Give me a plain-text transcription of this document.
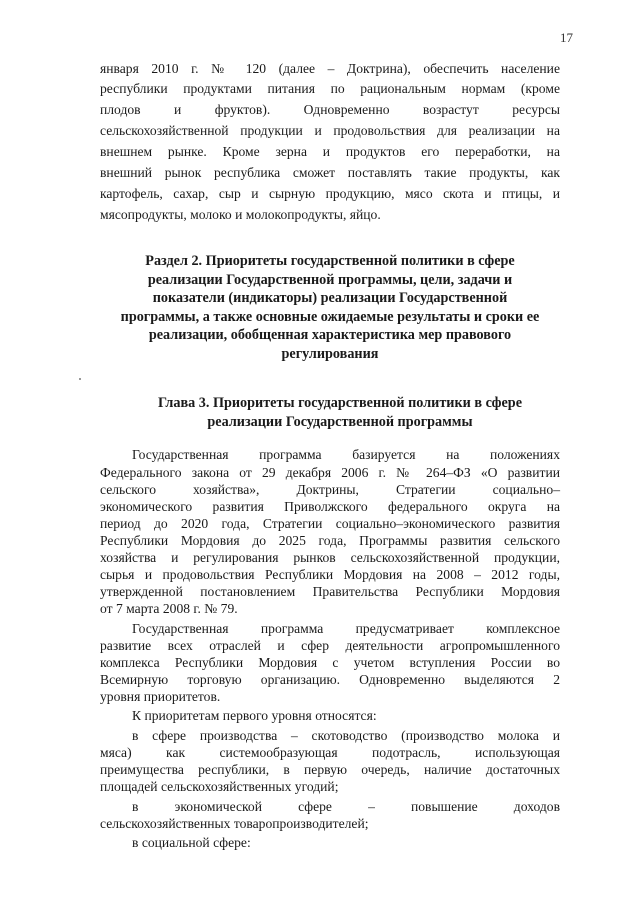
17
января 2010 г. № 120 (далее – Доктрина), обеспечить население
республики продуктами питания по рациональным нормам (кроме
плодов и фруктов). Одновременно возрастут ресурсы
сельскохозяйственной продукции и продовольствия для реализации на
внешнем рынке. Кроме зерна и продуктов его переработки, на
внешний рынок республика сможет поставлять такие продукты, как
картофель, сахар, сыр и сырную продукцию, мясо скота и птицы, и
мясопродукты, молоко и молокопродукты, яйцо.
Раздел 2. Приоритеты государственной политики в сфере
реализации Государственной программы, цели, задачи и
показатели (индикаторы) реализации Государственной
программы, а также основные ожидаемые результаты и сроки ее
реализации, обобщенная характеристика мер правового
регулирования
Глава 3. Приоритеты государственной политики в сфере
реализации Государственной программы
Государственная программа базируется на положениях
Федерального закона от 29 декабря 2006 г. № 264–ФЗ «О развитии
сельского хозяйства», Доктрины, Стратегии социально–
экономического развития Приволжского федерального округа на
период до 2020 года, Стратегии социально–экономического развития
Республики Мордовия до 2025 года, Программы развития сельского
хозяйства и регулирования рынков сельскохозяйственной продукции,
сырья и продовольствия Республики Мордовия на 2008 – 2012 годы,
утвержденной постановлением Правительства Республики Мордовия
от 7 марта 2008 г. № 79.
Государственная программа предусматривает комплексное
развитие всех отраслей и сфер деятельности агропромышленного
комплекса Республики Мордовия с учетом вступления России во
Всемирную торговую организацию. Одновременно выделяются 2
уровня приоритетов.
К приоритетам первого уровня относятся:
в сфере производства – скотоводство (производство молока и
мяса) как системообразующая подотрасль, использующая
преимущества республики, в первую очередь, наличие достаточных
площадей сельскохозяйственных угодий;
в экономической сфере – повышение доходов
сельскохозяйственных товаропроизводителей;
в социальной сфере:
